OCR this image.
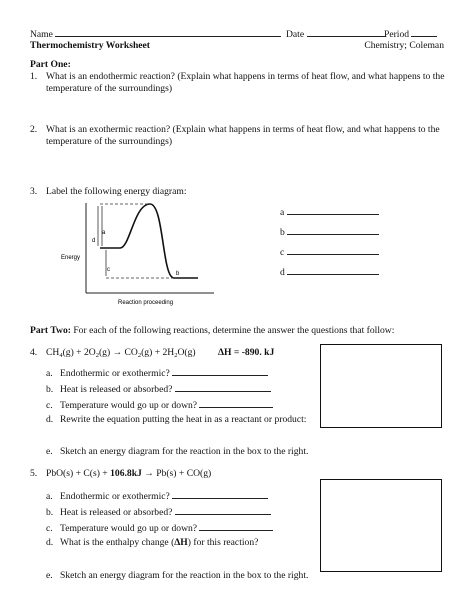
Name	Date	Period
Thermochemistry Worksheet	Chemistry; Coleman
Part One:
1. What is an endothermic reaction? (Explain what happens in terms of heat flow, and what happens to the temperature of the surroundings)
2. What is an exothermic reaction? (Explain what happens in terms of heat flow, and what happens to the temperature of the surroundings)
3. Label the following energy diagram:
a
d
c
b
Energy
Reaction proceeding
a
b
c
d
Part Two: For each of the following reactions, determine the answer the questions that follow:
4. $CH_4(g) + 2O_2(g) \to CO_2(g) + 2H_2O(g) \Delta H = -890$. kJ
a. Endothermic or exothermic?
b. Heat is released or absorbed?
c. Temperature would go up or down?
d. Rewrite the equation putting the heat in as a reactant or product:
e. Sketch an energy diagram for the reaction in the box to the right.
5. PbO(s) + C(s) + 106.8kJ → Pb(s) + CO(g)
a. Endothermic or exothermic?
b. Heat is released or absorbed?
c. Temperature would go up or down?
d. What is the enthalpy change (ΔH) for this reaction?
e. Sketch an energy diagram for the reaction in the box to the right.
